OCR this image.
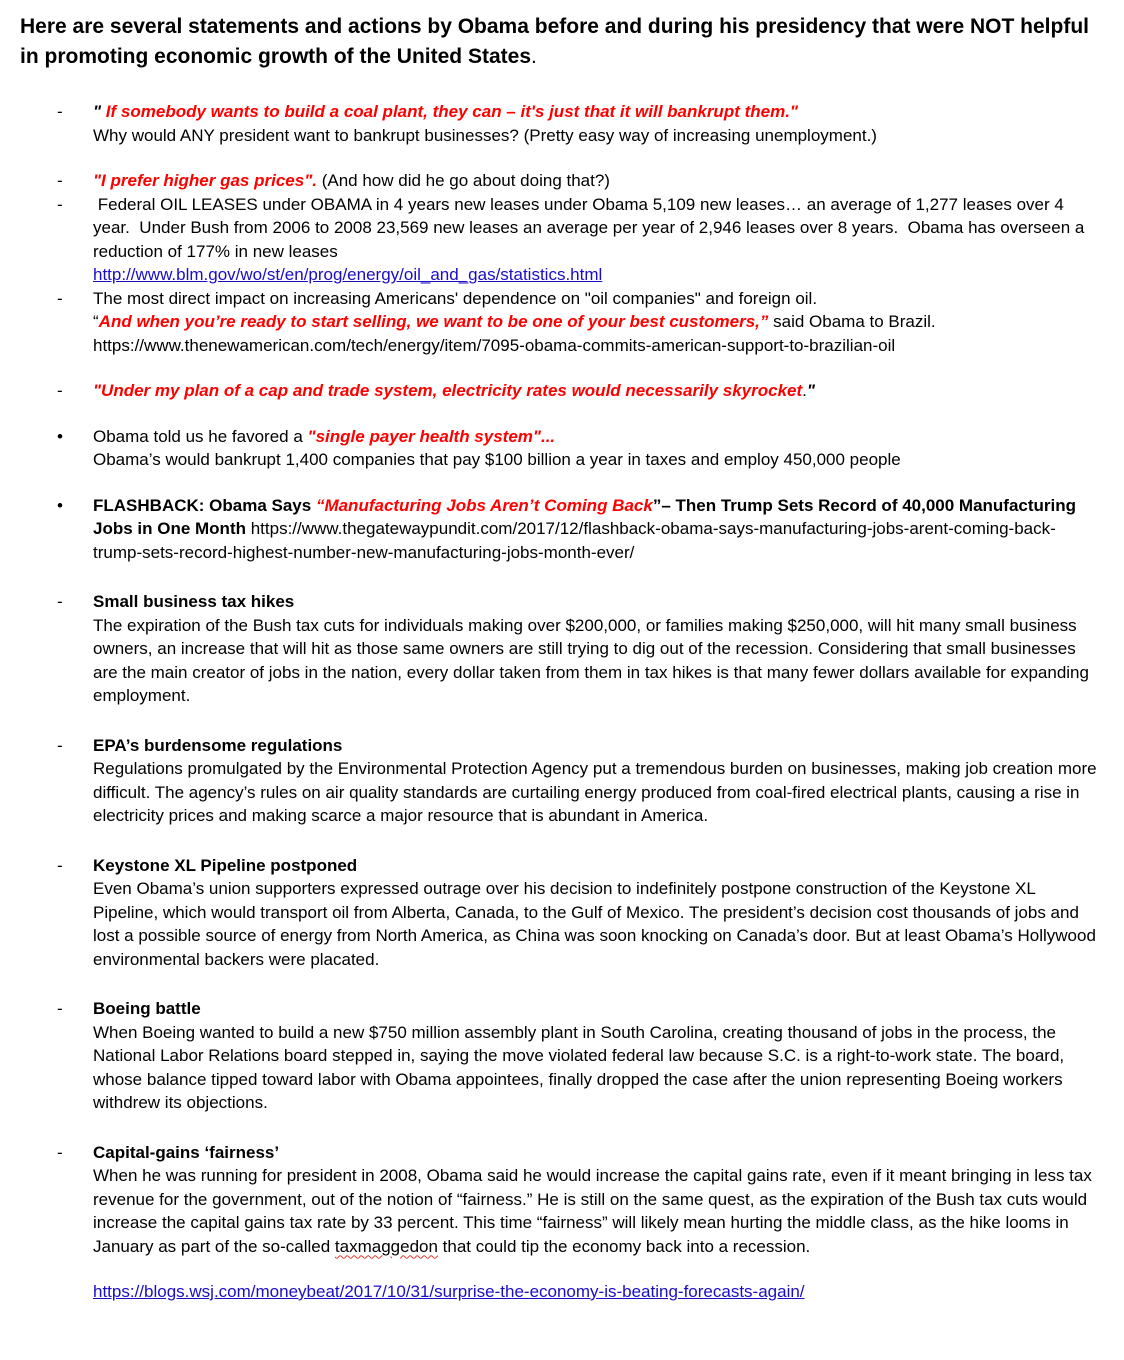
Here are several statements and actions by Obama before and during his presidency that were NOT helpful in promoting economic growth of the United States.
- " If somebody wants to build a coal plant, they can – it's just that it will bankrupt them."
Why would ANY president want to bankrupt businesses? (Pretty easy way of increasing unemployment.)
- "I prefer higher gas prices". (And how did he go about doing that?)
- Federal OIL LEASES under OBAMA in 4 years new leases under Obama 5,109 new leases… an average of 1,277 leases over 4 year.  Under Bush from 2006 to 2008 23,569 new leases an average per year of 2,946 leases over 8 years.  Obama has overseen a reduction of 177% in new leases
http://www.blm.gov/wo/st/en/prog/energy/oil_and_gas/statistics.html
- The most direct impact on increasing Americans' dependence on "oil companies" and foreign oil.
“And when you’re ready to start selling, we want to be one of your best customers,” said Obama to Brazil.
https://www.thenewamerican.com/tech/energy/item/7095-obama-commits-american-support-to-brazilian-oil
- "Under my plan of a cap and trade system, electricity rates would necessarily skyrocket."
• Obama told us he favored a "single payer health system"...
Obama’s would bankrupt 1,400 companies that pay $100 billion a year in taxes and employ 450,000 people
• FLASHBACK: Obama Says “Manufacturing Jobs Aren’t Coming Back”– Then Trump Sets Record of 40,000 Manufacturing Jobs in One Month https://www.thegatewaypundit.com/2017/12/flashback-obama-says-manufacturing-jobs-arent-coming-back-trump-sets-record-highest-number-new-manufacturing-jobs-month-ever/
- Small business tax hikes
The expiration of the Bush tax cuts for individuals making over $200,000, or families making $250,000, will hit many small business owners, an increase that will hit as those same owners are still trying to dig out of the recession. Considering that small businesses are the main creator of jobs in the nation, every dollar taken from them in tax hikes is that many fewer dollars available for expanding employment.
- EPA’s burdensome regulations
Regulations promulgated by the Environmental Protection Agency put a tremendous burden on businesses, making job creation more difficult. The agency’s rules on air quality standards are curtailing energy produced from coal-fired electrical plants, causing a rise in electricity prices and making scarce a major resource that is abundant in America.
- Keystone XL Pipeline postponed
Even Obama’s union supporters expressed outrage over his decision to indefinitely postpone construction of the Keystone XL Pipeline, which would transport oil from Alberta, Canada, to the Gulf of Mexico. The president’s decision cost thousands of jobs and lost a possible source of energy from North America, as China was soon knocking on Canada’s door. But at least Obama’s Hollywood environmental backers were placated.
- Boeing battle
When Boeing wanted to build a new $750 million assembly plant in South Carolina, creating thousand of jobs in the process, the National Labor Relations board stepped in, saying the move violated federal law because S.C. is a right-to-work state. The board, whose balance tipped toward labor with Obama appointees, finally dropped the case after the union representing Boeing workers withdrew its objections.
- Capital-gains ‘fairness’
When he was running for president in 2008, Obama said he would increase the capital gains rate, even if it meant bringing in less tax revenue for the government, out of the notion of “fairness.” He is still on the same quest, as the expiration of the Bush tax cuts would increase the capital gains tax rate by 33 percent. This time “fairness” will likely mean hurting the middle class, as the hike looms in January as part of the so-called taxmaggedon that could tip the economy back into a recession.
https://blogs.wsj.com/moneybeat/2017/10/31/surprise-the-economy-is-beating-forecasts-again/
